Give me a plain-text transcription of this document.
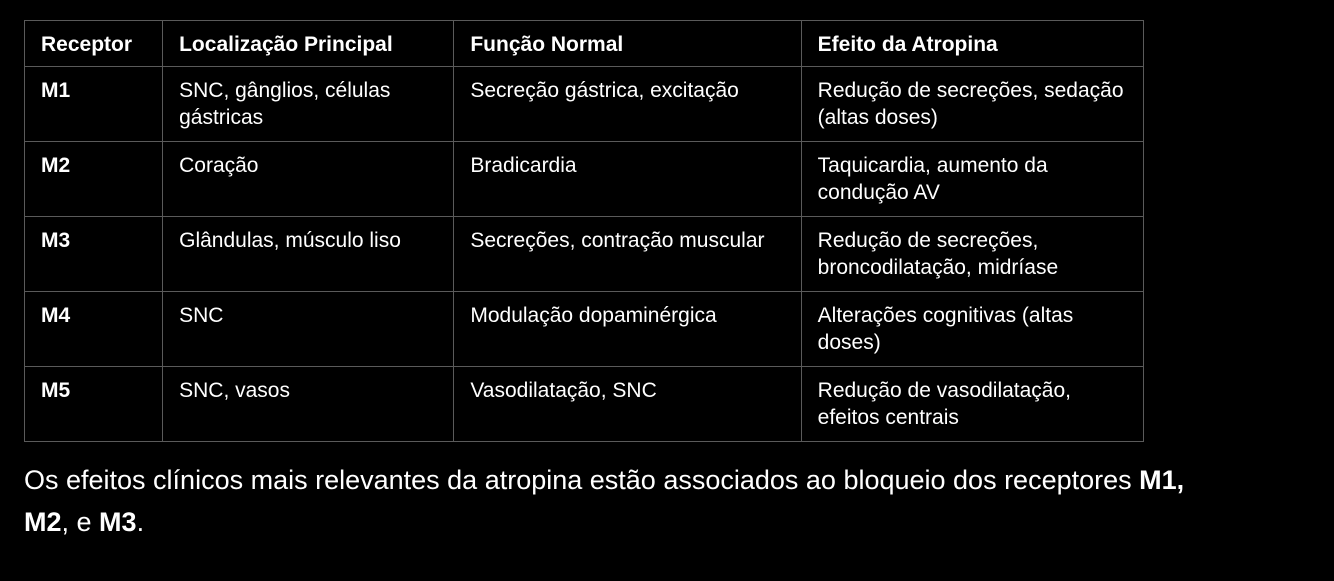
Receptor	Localização Principal	Função Normal	Efeito da Atropina
M1	SNC, gânglios, células gástricas	Secreção gástrica, excitação	Redução de secreções, sedação (altas doses)
M2	Coração	Bradicardia	Taquicardia, aumento da condução AV
M3	Glândulas, músculo liso	Secreções, contração muscular	Redução de secreções, broncodilatação, midríase
M4	SNC	Modulação dopaminérgica	Alterações cognitivas (altas doses)
M5	SNC, vasos	Vasodilatação, SNC	Redução de vasodilatação, efeitos centrais

Os efeitos clínicos mais relevantes da atropina estão associados ao bloqueio dos receptores M1,
M2, e M3.
